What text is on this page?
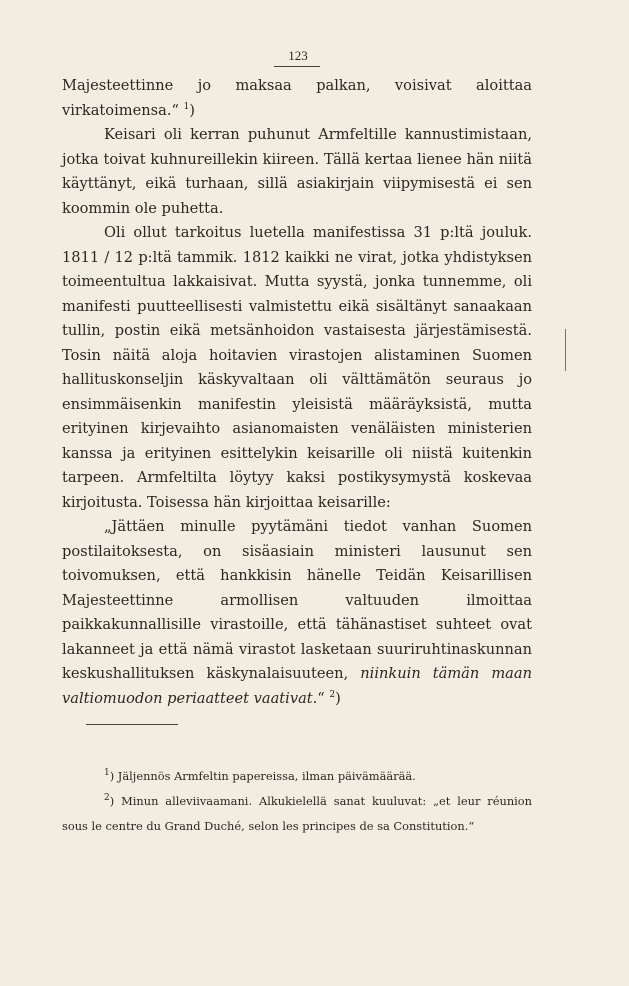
123

Majesteettinne jo maksaa palkan, voisivat aloittaa virkatoimensa.“ $^1$)

Keisari oli kerran puhunut Armfeltille kannustimistaan, jotka toivat kuhnureillekin kiireen. Tällä kertaa lienee hän niitä käyttänyt, eikä turhaan, sillä asiakirjain viipymisestä ei sen koommin ole puhetta.

Oli ollut tarkoitus luetella manifestissa 31 p:ltä jouluk. 1811 / 12 p:ltä tammik. 1812 kaikki ne virat, jotka yhdistyksen toimeentultua lakkaisivat. Mutta syystä, jonka tunnemme, oli manifesti puutteellisesti valmistettu eikä sisältänyt sanaakaan tullin, postin eikä metsänhoidon vastaisesta järjestämisestä. Tosin näitä aloja hoitavien virastojen alistaminen Suomen hallituskonseljin käskyvaltaan oli välttämätön seuraus jo ensimmäisenkin manifestin yleisistä määräyksistä, mutta erityinen kirjevaihto asianomaisten venäläisten ministerien kanssa ja erityinen esittelykin keisarille oli niistä kuitenkin tarpeen. Armfeltilta löytyy kaksi postikysymystä koskevaa kirjoitusta. Toisessa hän kirjoittaa keisarille:

„Jättäen minulle pyytämäni tiedot vanhan Suomen postilaitoksesta, on sisäasiain ministeri lausunut sen toivomuksen, että hankkisin hänelle Teidän Keisarillisen Majesteettinne armollisen valtuuden ilmoittaa paikkakunnallisille virastoille, että tähänastiset suhteet ovat lakanneet ja että nämä virastot lasketaan suuriruhtinaskunnan keskushallituksen käskynalaisuuteen, niinkuin tämän maan valtiomuodon periaatteet vaativat.“ $^2$)

$^1$) Jäljennös Armfeltin papereissa, ilman päivämäärää.

$^2$) Minun alleviivaamani. Alkukielellä sanat kuuluvat: „et leur réunion sous le centre du Grand Duché, selon les principes de sa Constitution.“
